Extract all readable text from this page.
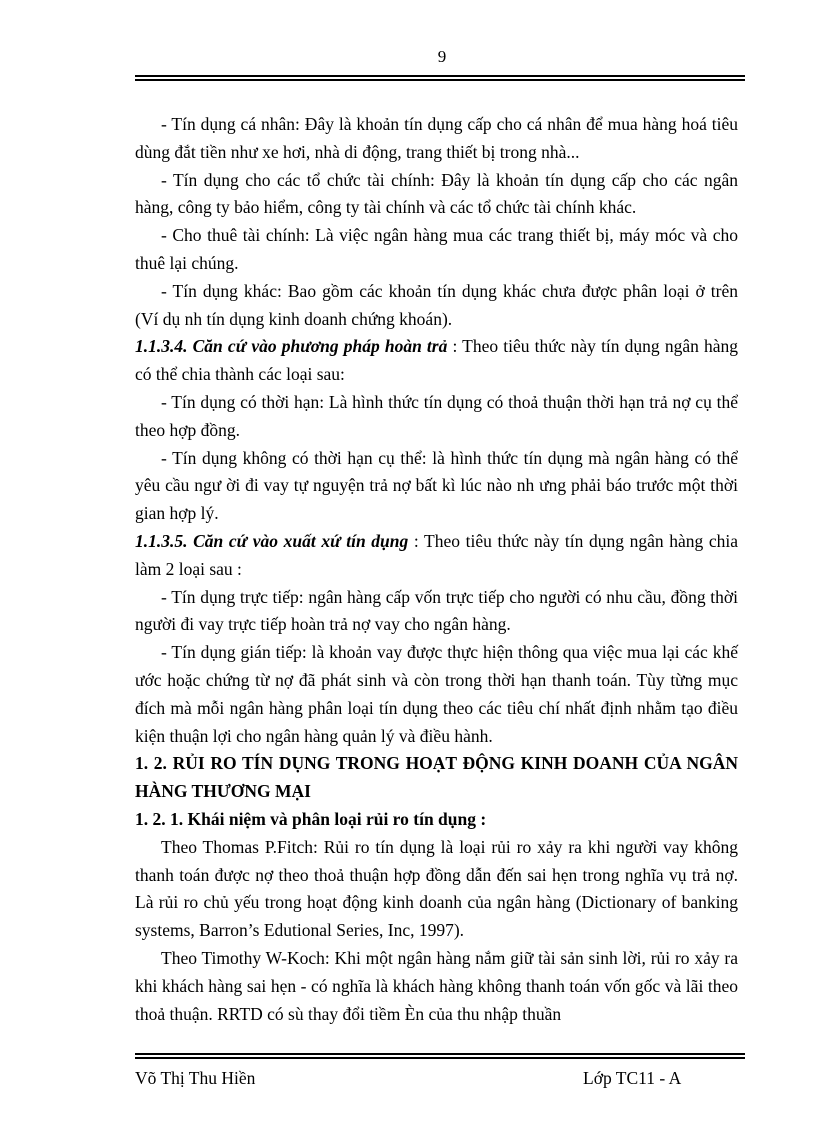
9

- Tín dụng cá nhân: Đây là khoản tín dụng cấp cho cá nhân để mua hàng hoá tiêu dùng đắt tiền như xe hơi, nhà di động, trang thiết bị trong nhà...

- Tín dụng cho các tổ chức tài chính: Đây là khoản tín dụng cấp cho các ngân hàng, công ty bảo hiểm, công ty tài chính và các tổ chức tài chính khác.

- Cho thuê tài chính: Là việc ngân hàng mua các trang thiết bị, máy móc và cho thuê lại chúng.

- Tín dụng khác: Bao gồm các khoản tín dụng khác chưa được phân loại ở trên (Ví dụ nh tín dụng kinh doanh chứng khoán).

1.1.3.4. Căn cứ vào phương pháp hoàn trả : Theo tiêu thức này tín dụng ngân hàng có thể chia thành các loại sau:

- Tín dụng có thời hạn: Là hình thức tín dụng có thoả thuận thời hạn trả nợ cụ thể theo hợp đồng.

- Tín dụng không có thời hạn cụ thể: là hình thức tín dụng mà ngân hàng có thể yêu cầu ngư ời đi vay tự nguyện trả nợ bất kì lúc nào nh ưng phải báo trước một thời gian hợp lý.

1.1.3.5. Căn cứ vào xuất xứ tín dụng : Theo tiêu thức này tín dụng ngân hàng chia làm 2 loại sau :

- Tín dụng trực tiếp: ngân hàng cấp vốn trực tiếp cho người có nhu cầu, đồng thời người đi vay trực tiếp hoàn trả nợ vay cho ngân hàng.

- Tín dụng gián tiếp: là khoản vay được thực hiện thông qua việc mua lại các khế ước hoặc chứng từ nợ đã phát sinh và còn trong thời hạn thanh toán. Tùy từng mục đích mà mỗi ngân hàng phân loại tín dụng theo các tiêu chí nhất định nhằm tạo điều kiện thuận lợi cho ngân hàng quản lý và điều hành.

1. 2. RỦI RO TÍN DỤNG TRONG HOẠT ĐỘNG KINH DOANH CỦA NGÂN HÀNG THƯƠNG MẠI

1. 2. 1. Khái niệm và phân loại rủi ro tín dụng :

Theo Thomas P.Fitch: Rủi ro tín dụng là loại rủi ro xảy ra khi người vay không thanh toán được nợ theo thoả thuận hợp đồng dẫn đến sai hẹn trong nghĩa vụ trả nợ. Là rủi ro chủ yếu trong hoạt động kinh doanh của ngân hàng (Dictionary of banking systems, Barron’s Edutional Series, Inc, 1997).

Theo Timothy W-Koch: Khi một ngân hàng nắm giữ tài sản sinh lời, rủi ro xảy ra khi khách hàng sai hẹn - có nghĩa là khách hàng không thanh toán vốn gốc và lãi theo thoả thuận. RRTD có sù thay đổi tiềm Èn của thu nhập thuần

Võ Thị Thu Hiền	Lớp TC11 - A
